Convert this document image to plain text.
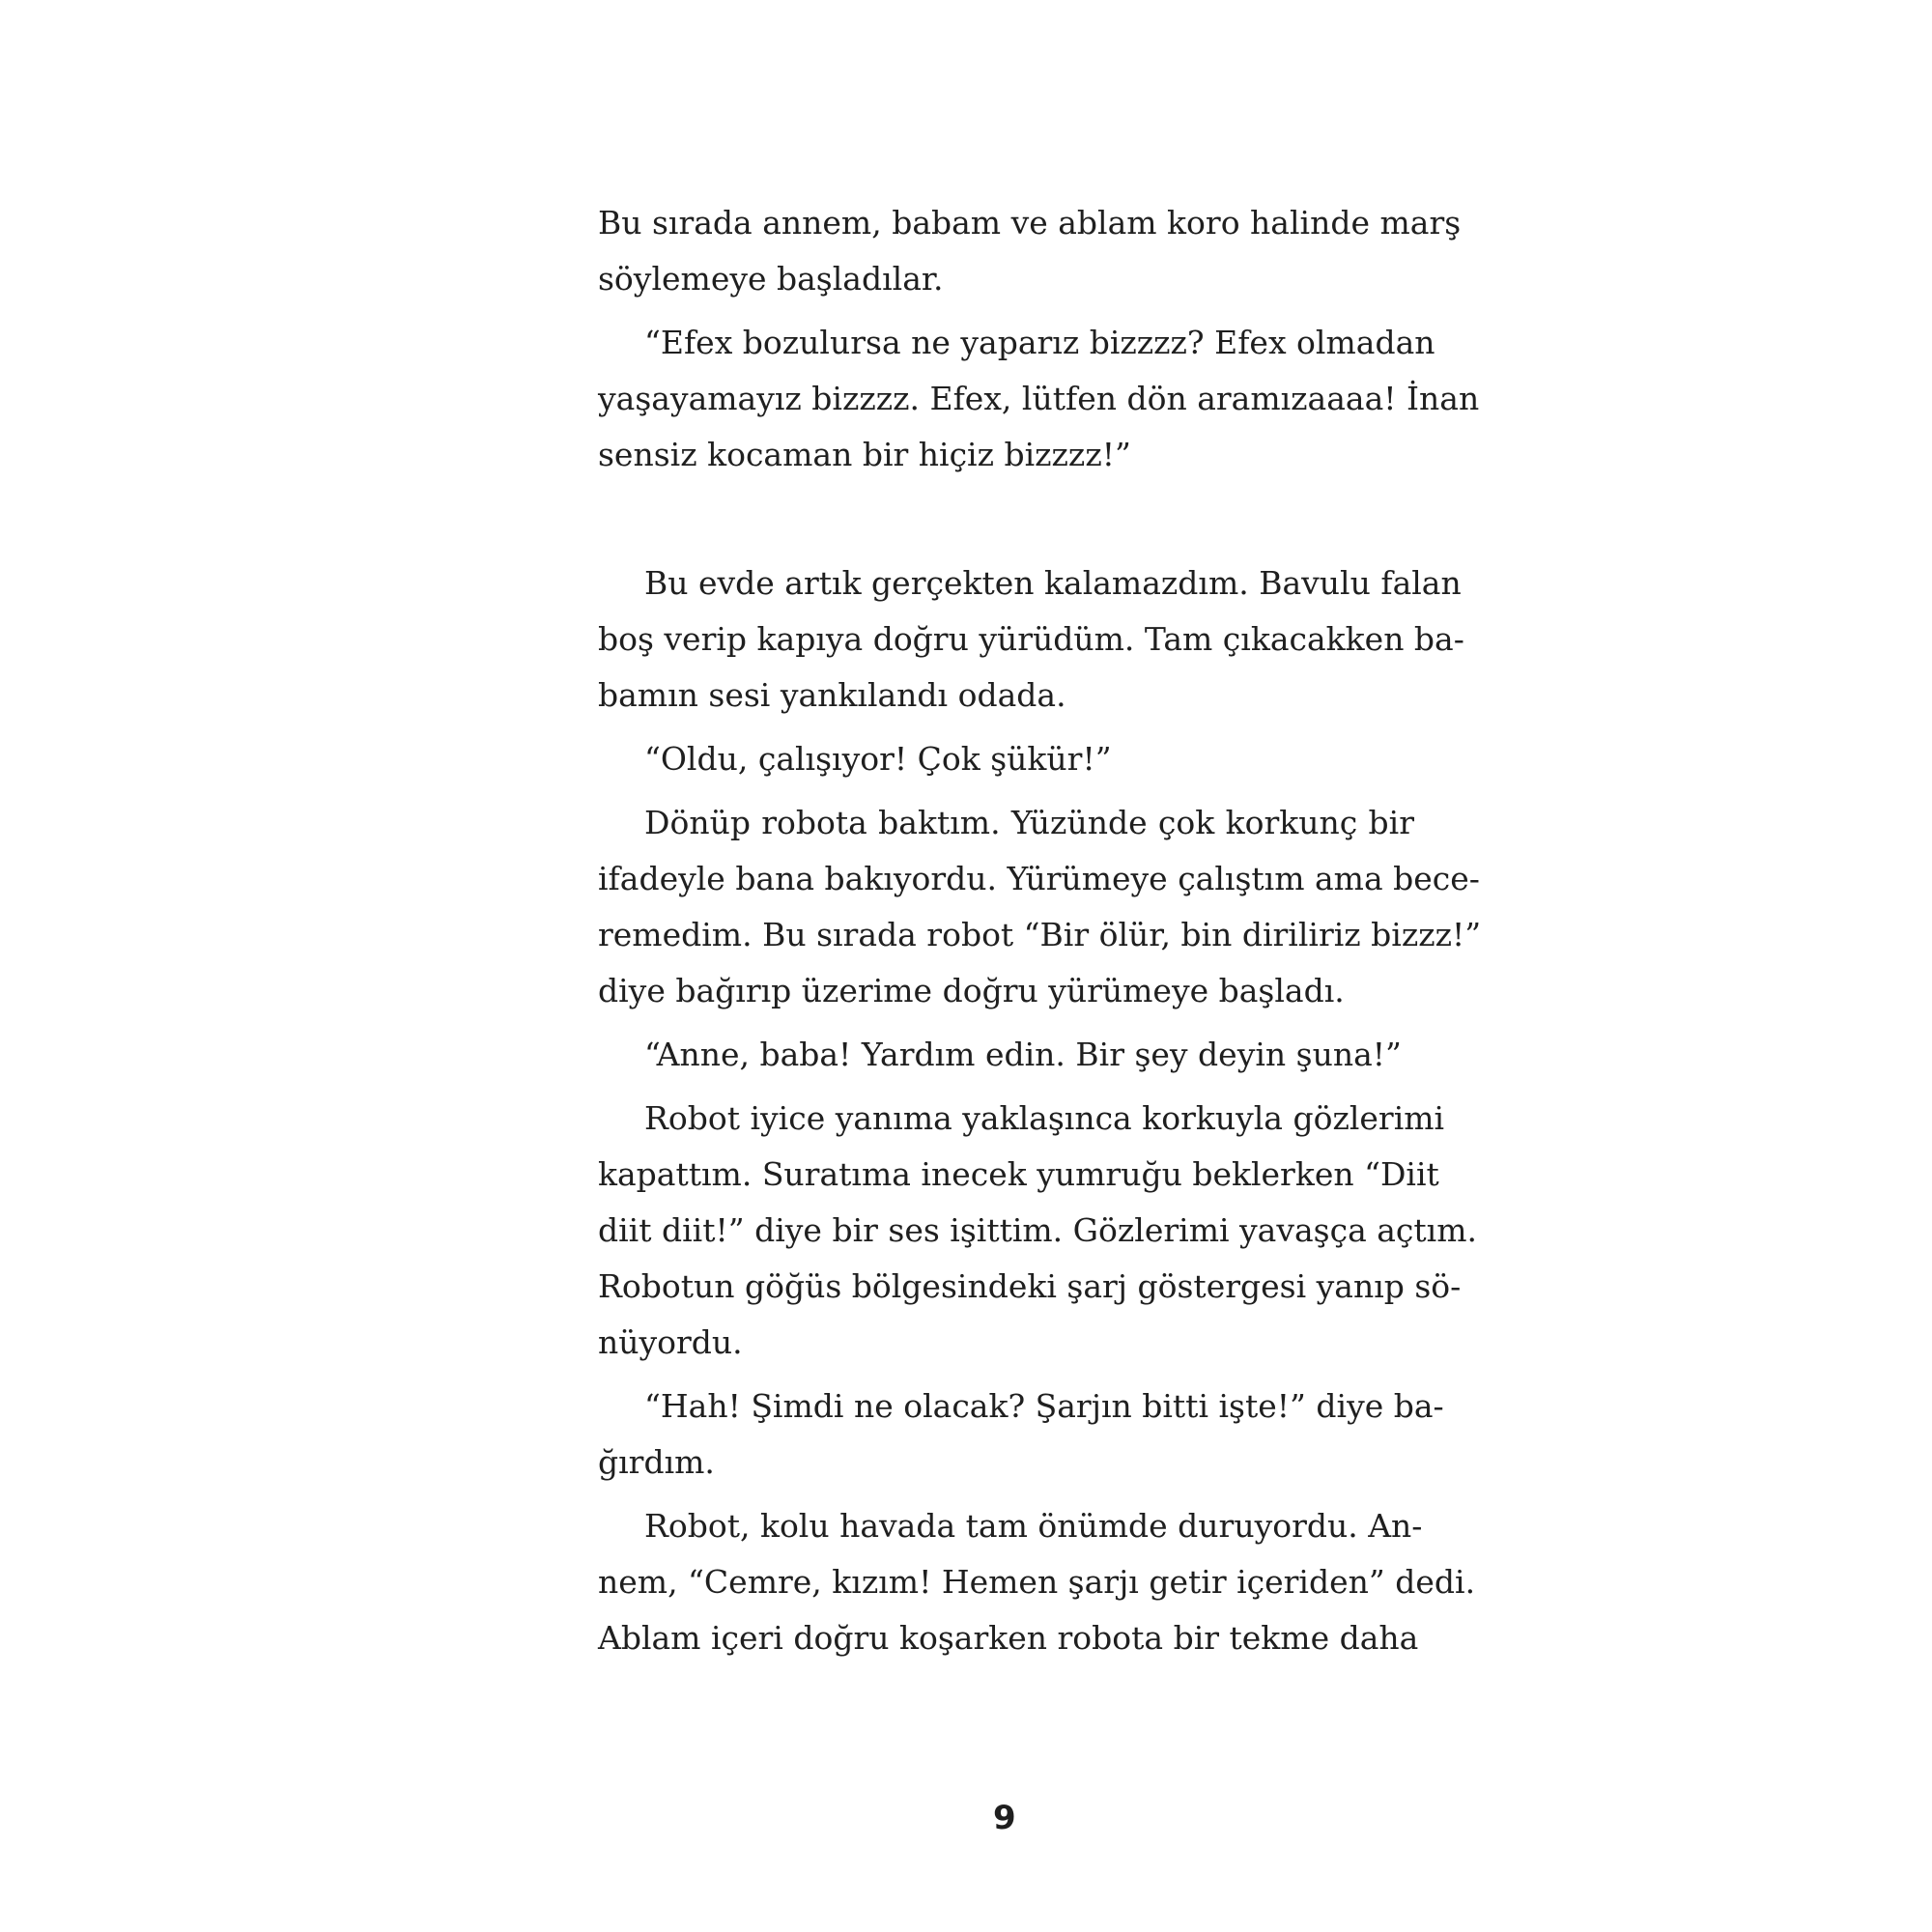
Bu sırada annem, babam ve ablam koro halinde marş
söylemeye başladılar.

“Efex bozulursa ne yaparız bizzzz? Efex olmadan
yaşayamayız bizzzz. Efex, lütfen dön aramızaaaa! İnan
sensiz kocaman bir hiçiz bizzzz!”

Bu evde artık gerçekten kalamazdım. Bavulu falan
boş verip kapıya doğru yürüdüm. Tam çıkacakken ba-
bamın sesi yankılandı odada.

“Oldu, çalışıyor! Çok şükür!”

Dönüp robota baktım. Yüzünde çok korkunç bir
ifadeyle bana bakıyordu. Yürümeye çalıştım ama bece-
remedim. Bu sırada robot “Bir ölür, bin diriliriz bizzz!”
diye bağırıp üzerime doğru yürümeye başladı.

“Anne, baba! Yardım edin. Bir şey deyin şuna!”

Robot iyice yanıma yaklaşınca korkuyla gözlerimi
kapattım. Suratıma inecek yumruğu beklerken “Diit
diit diit!” diye bir ses işittim. Gözlerimi yavaşça açtım.
Robotun göğüs bölgesindeki şarj göstergesi yanıp sö-
nüyordu.

“Hah! Şimdi ne olacak? Şarjın bitti işte!” diye ba-
ğırdım.

Robot, kolu havada tam önümde duruyordu. An-
nem, “Cemre, kızım! Hemen şarjı getir içeriden” dedi.
Ablam içeri doğru koşarken robota bir tekme daha

9
